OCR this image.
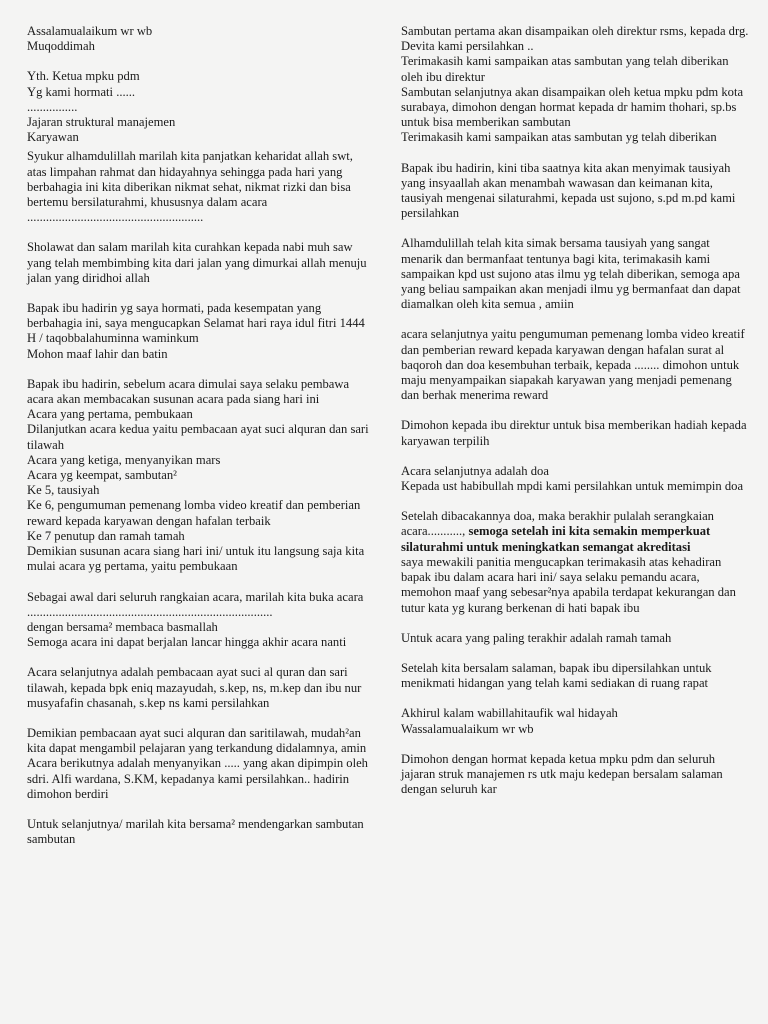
Assalamualaikum wr wb
Muqoddimah

Yth. Ketua mpku pdm
Yg kami hormati ......
................
Jajaran struktural manajemen
Karyawan

Syukur alhamdulillah marilah kita panjatkan keharidat allah swt, atas limpahan rahmat dan hidayahnya sehingga pada hari yang berbahagia ini kita diberikan nikmat sehat, nikmat rizki dan bisa bertemu bersilaturahmi, khususnya dalam acara
........................................................

Sholawat dan salam marilah kita curahkan kepada nabi muh saw yang telah membimbing kita dari jalan yang dimurkai allah menuju jalan yang diridhoi allah

Bapak ibu hadirin yg saya hormati, pada kesempatan yang berbahagia ini, saya mengucapkan Selamat hari raya idul fitri 1444 H / taqobbalahuminna waminkum
Mohon maaf lahir dan batin

Bapak ibu hadirin, sebelum acara dimulai saya selaku pembawa acara akan membacakan susunan acara pada siang hari ini
Acara yang pertama, pembukaan
Dilanjutkan acara kedua yaitu pembacaan ayat suci alquran dan sari tilawah
Acara yang ketiga, menyanyikan mars
Acara yg keempat, sambutan²
Ke 5, tausiyah
Ke 6, pengumuman pemenang lomba video kreatif dan pemberian reward kepada karyawan dengan hafalan terbaik
Ke 7 penutup dan ramah tamah
Demikian susunan acara siang hari ini/ untuk itu langsung saja kita mulai acara yg pertama, yaitu pembukaan

Sebagai awal dari seluruh rangkaian acara, marilah kita buka acara ..............................................................................
dengan bersama² membaca basmallah
Semoga acara ini dapat berjalan lancar hingga akhir acara nanti

Acara selanjutnya adalah pembacaan ayat suci al quran dan sari tilawah, kepada bpk eniq mazayudah, s.kep, ns, m.kep dan ibu nur musyafafin chasanah, s.kep ns kami persilahkan

Demikian pembacaan ayat suci alquran dan saritilawah, mudah²an kita dapat mengambil pelajaran yang terkandung didalamnya, amin
Acara berikutnya adalah menyanyikan ..... yang akan dipimpin oleh sdri. Alfi wardana, S.KM, kepadanya kami persilahkan.. hadirin dimohon berdiri

Untuk selanjutnya/ marilah kita bersama² mendengarkan sambutan sambutan

Sambutan pertama akan disampaikan oleh direktur rsms, kepada drg. Devita kami persilahkan ..
Terimakasih kami sampaikan atas sambutan yang telah diberikan oleh ibu direktur
Sambutan selanjutnya akan disampaikan oleh ketua mpku pdm kota surabaya, dimohon dengan hormat kepada dr hamim thohari, sp.bs untuk bisa memberikan sambutan
Terimakasih kami sampaikan atas sambutan yg telah diberikan

Bapak ibu hadirin, kini tiba saatnya kita akan menyimak tausiyah yang insyaallah akan menambah wawasan dan keimanan kita, tausiyah mengenai silaturahmi, kepada ust sujono, s.pd m.pd kami persilahkan

Alhamdulillah telah kita simak bersama tausiyah yang sangat menarik dan bermanfaat tentunya bagi kita, terimakasih kami sampaikan kpd ust sujono atas ilmu yg telah diberikan, semoga apa yang beliau sampaikan akan menjadi ilmu yg bermanfaat dan dapat diamalkan oleh kita semua , amiin

acara selanjutnya yaitu pengumuman pemenang lomba video kreatif dan pemberian reward kepada karyawan dengan hafalan surat al baqoroh dan doa kesembuhan terbaik, kepada ........ dimohon untuk maju menyampaikan siapakah karyawan yang menjadi pemenang dan berhak menerima reward

Dimohon kepada ibu direktur untuk bisa memberikan hadiah kepada karyawan terpilih

Acara selanjutnya adalah doa
Kepada ust habibullah mpdi kami persilahkan untuk memimpin doa

Setelah dibacakannya doa, maka berakhir pulalah serangkaian acara..........., semoga setelah ini kita semakin memperkuat silaturahmi untuk meningkatkan semangat akreditasi
saya mewakili panitia mengucapkan terimakasih atas kehadiran bapak ibu dalam acara hari ini/ saya selaku pemandu acara, memohon maaf yang sebesar²nya apabila terdapat kekurangan dan tutur kata yg kurang berkenan di hati bapak ibu

Untuk acara yang paling terakhir adalah ramah tamah

Setelah kita bersalam salaman, bapak ibu dipersilahkan untuk menikmati hidangan yang telah kami sediakan di ruang rapat

Akhirul kalam wabillahitaufik wal hidayah
Wassalamualaikum wr wb

Dimohon dengan hormat kepada ketua mpku pdm dan seluruh jajaran struk manajemen rs utk maju kedepan bersalam salaman dengan seluruh kar
